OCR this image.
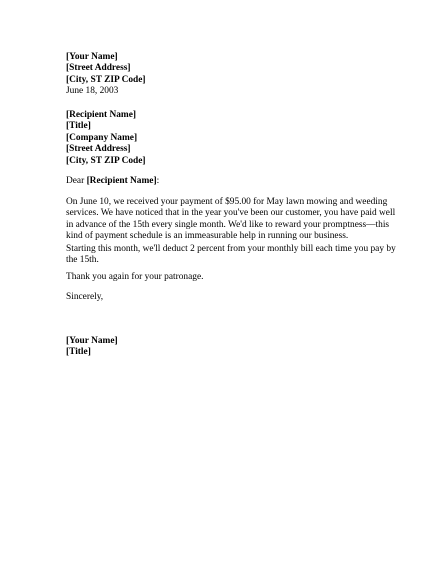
[Your Name]
[Street Address]
[City, ST ZIP Code]
June 18, 2003
[Recipient Name]
[Title]
[Company Name]
[Street Address]
[City, ST ZIP Code]
Dear [Recipient Name]:
On June 10, we received your payment of $95.00 for May lawn mowing and weeding
services. We have noticed that in the year you've been our customer, you have paid well
in advance of the 15th every single month. We'd like to reward your promptness—this
kind of payment schedule is an immeasurable help in running our business.
Starting this month, we'll deduct 2 percent from your monthly bill each time you pay by
the 15th.
Thank you again for your patronage.
Sincerely,
[Your Name]
[Title]
